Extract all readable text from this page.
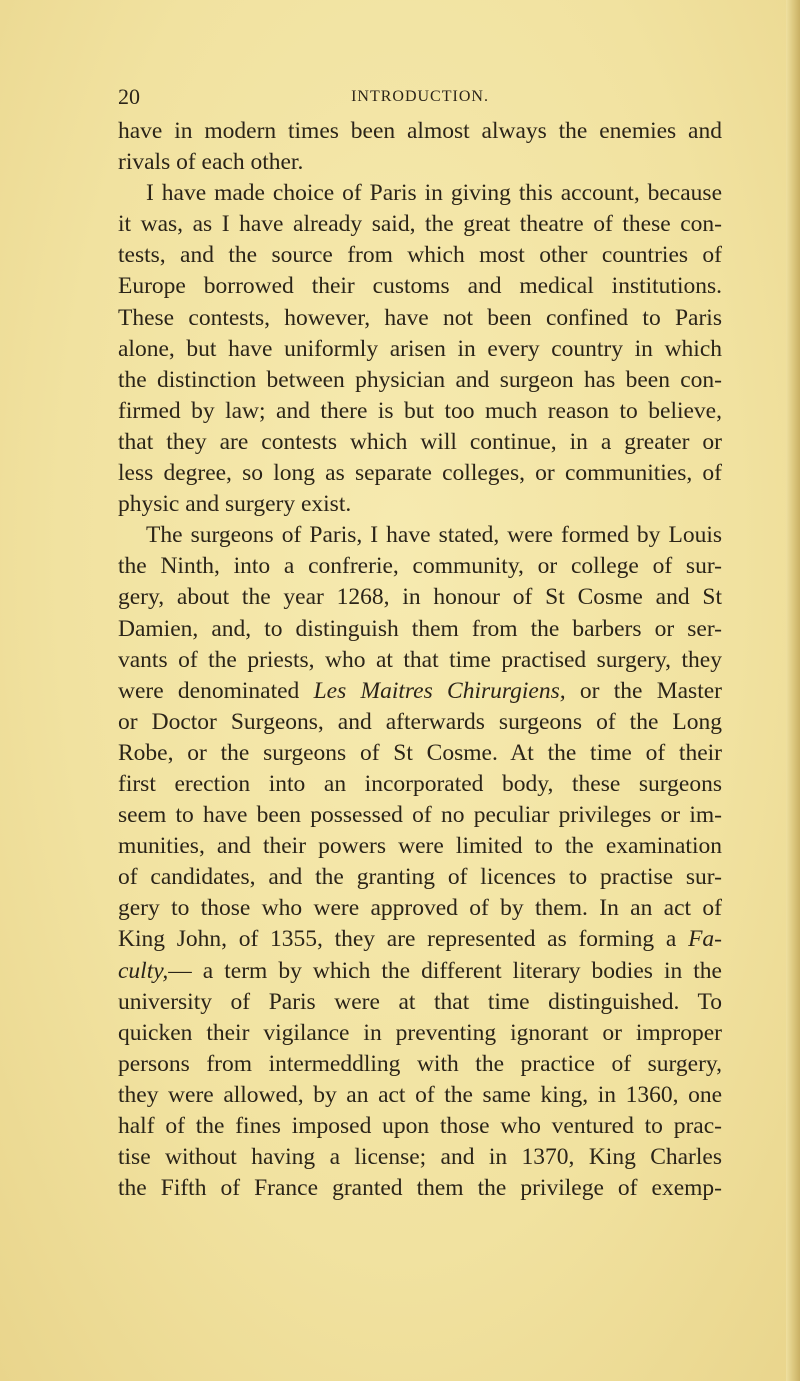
20	INTRODUCTION.
have in modern times been almost always the enemies and
rivals of each other.
I have made choice of Paris in giving this account, because
it was, as I have already said, the great theatre of these con-
tests, and the source from which most other countries of
Europe borrowed their customs and medical institutions.
These contests, however, have not been confined to Paris
alone, but have uniformly arisen in every country in which
the distinction between physician and surgeon has been con-
firmed by law; and there is but too much reason to believe,
that they are contests which will continue, in a greater or
less degree, so long as separate colleges, or communities, of
physic and surgery exist.
The surgeons of Paris, I have stated, were formed by Louis
the Ninth, into a confrerie, community, or college of sur-
gery, about the year 1268, in honour of St Cosme and St
Damien, and, to distinguish them from the barbers or ser-
vants of the priests, who at that time practised surgery, they
were denominated Les Maitres Chirurgiens, or the Master
or Doctor Surgeons, and afterwards surgeons of the Long
Robe, or the surgeons of St Cosme. At the time of their
first erection into an incorporated body, these surgeons
seem to have been possessed of no peculiar privileges or im-
munities, and their powers were limited to the examination
of candidates, and the granting of licences to practise sur-
gery to those who were approved of by them. In an act of
King John, of 1355, they are represented as forming a Fa-
culty,— a term by which the different literary bodies in the
university of Paris were at that time distinguished. To
quicken their vigilance in preventing ignorant or improper
persons from intermeddling with the practice of surgery,
they were allowed, by an act of the same king, in 1360, one
half of the fines imposed upon those who ventured to prac-
tise without having a license; and in 1370, King Charles
the Fifth of France granted them the privilege of exemp-
